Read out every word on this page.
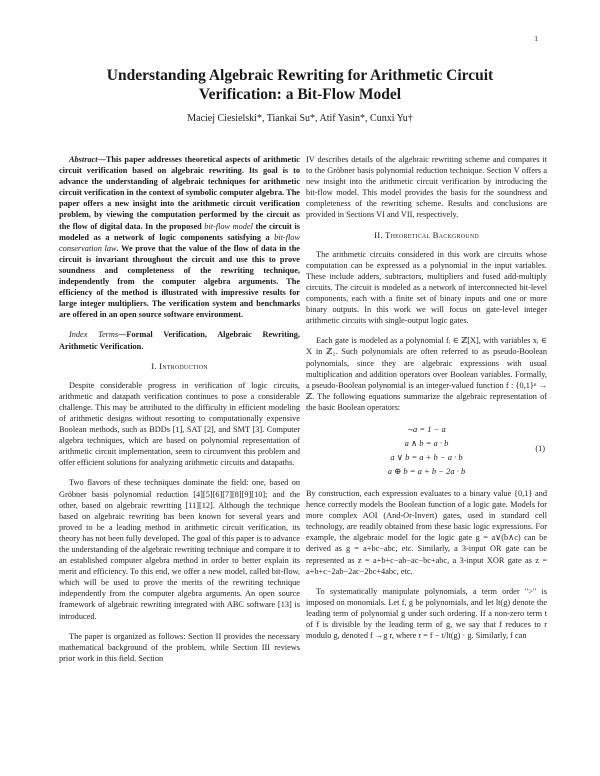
1
Understanding Algebraic Rewriting for Arithmetic Circuit Verification: a Bit-Flow Model
Maciej Ciesielski*, Tiankai Su*, Atif Yasin*, Cunxi Yu†

Abstract—This paper addresses theoretical aspects of arithmetic circuit verification based on algebraic rewriting. Its goal is to advance the understanding of algebraic techniques for arithmetic circuit verification in the context of symbolic computer algebra. The paper offers a new insight into the arithmetic circuit verification problem, by viewing the computation performed by the circuit as the flow of digital data. In the proposed bit-flow model the circuit is modeled as a network of logic components satisfying a bit-flow conservation law. We prove that the value of the flow of data in the circuit is invariant throughout the circuit and use this to prove soundness and completeness of the rewriting technique, independently from the computer algebra arguments. The efficiency of the method is illustrated with impressive results for large integer multipliers. The verification system and benchmarks are offered in an open source software environment.

Index Terms—Formal Verification, Algebraic Rewriting, Arithmetic Verification.

I. Introduction

Despite considerable progress in verification of logic circuits, arithmetic and datapath verification continues to pose a considerable challenge. This may be attributed to the difficulty in efficient modeling of arithmetic designs without resorting to computationally expensive Boolean methods, such as BDDs [1], SAT [2], and SMT [3]. Computer algebra techniques, which are based on polynomial representation of arithmetic circuit implementation, seem to circumvent this problem and offer efficient solutions for analyzing arithmetic circuits and datapaths.

Two flavors of these techniques dominate the field: one, based on Gröbner basis polynomial reduction [4][5][6][7][8][9][10]; and the other, based on algebraic rewriting [11][12]. Although the technique based on algebraic rewriting has been known for several years and proved to be a leading method in arithmetic circuit verification, its theory has not been fully developed. The goal of this paper is to advance the understanding of the algebraic rewriting technique and compare it to an established computer algebra method in order to better explain its merit and efficiency. To this end, we offer a new model, called bit-flow, which will be used to prove the merits of the rewriting technique independently from the computer algebra arguments. An open source framework of algebraic rewriting integrated with ABC software [13] is introduced.

The paper is organized as follows: Section II provides the necessary mathematical background of the problem, while Section III reviews prior work in this field. Section

IV describes details of the algebraic rewriting scheme and compares it to the Gröbner basis polynomial reduction technique. Section V offers a new insight into the arithmetic circuit verification by introducing the bit-flow model. This model provides the basis for the soundness and completeness of the rewriting scheme. Results and conclusions are provided in Sections VI and VII, respectively.

II. Theoretical Background

The arithmetic circuits considered in this work are circuits whose computation can be expressed as a polynomial in the input variables. These include adders, subtractors, multipliers and fused add-multiply circuits. The circuit is modeled as a network of interconnected bit-level components, each with a finite set of binary inputs and one or more binary outputs. In this work we will focus on gate-level integer arithmetic circuits with single-output logic gates.

Each gate is modeled as a polynomial fᵢ ∈ ℤ[X], with variables xᵢ ∈ X in ℤ₂. Such polynomials are often referred to as pseudo-Boolean polynomials, since they are algebraic expressions with usual multiplication and addition operators over Boolean variables. Formally, a pseudo-Boolean polynomial is an integer-valued function f : {0,1}ⁿ → ℤ. The following equations summarize the algebraic representation of the basic Boolean operators:

¬a = 1 − a
a ∧ b = a · b
a ∨ b = a + b − a · b
a ⊕ b = a + b − 2a · b
(1)

By construction, each expression evaluates to a binary value {0,1} and hence correctly models the Boolean function of a logic gate. Models for more complex AOI (And-Or-Invert) gates, used in standard cell technology, are readily obtained from these basic logic expressions. For example, the algebraic model for the logic gate g = a∨(b∧c) can be derived as g = a+bc−abc, etc. Similarly, a 3-input OR gate can be represented as z = a+b+c−ab−ac−bc+abc, a 3-input XOR gate as z = a+b+c−2ab−2ac−2bc+4abc, etc.

To systematically manipulate polynomials, a term order ">" is imposed on monomials. Let f, g be polynomials, and let lt(g) denote the leading term of polynomial g under such ordering. If a non-zero term t of f is divisible by the leading term of g, we say that f reduces to r modulo g, denoted f →g r, where r = f − t/lt(g) · g. Similarly, f can
